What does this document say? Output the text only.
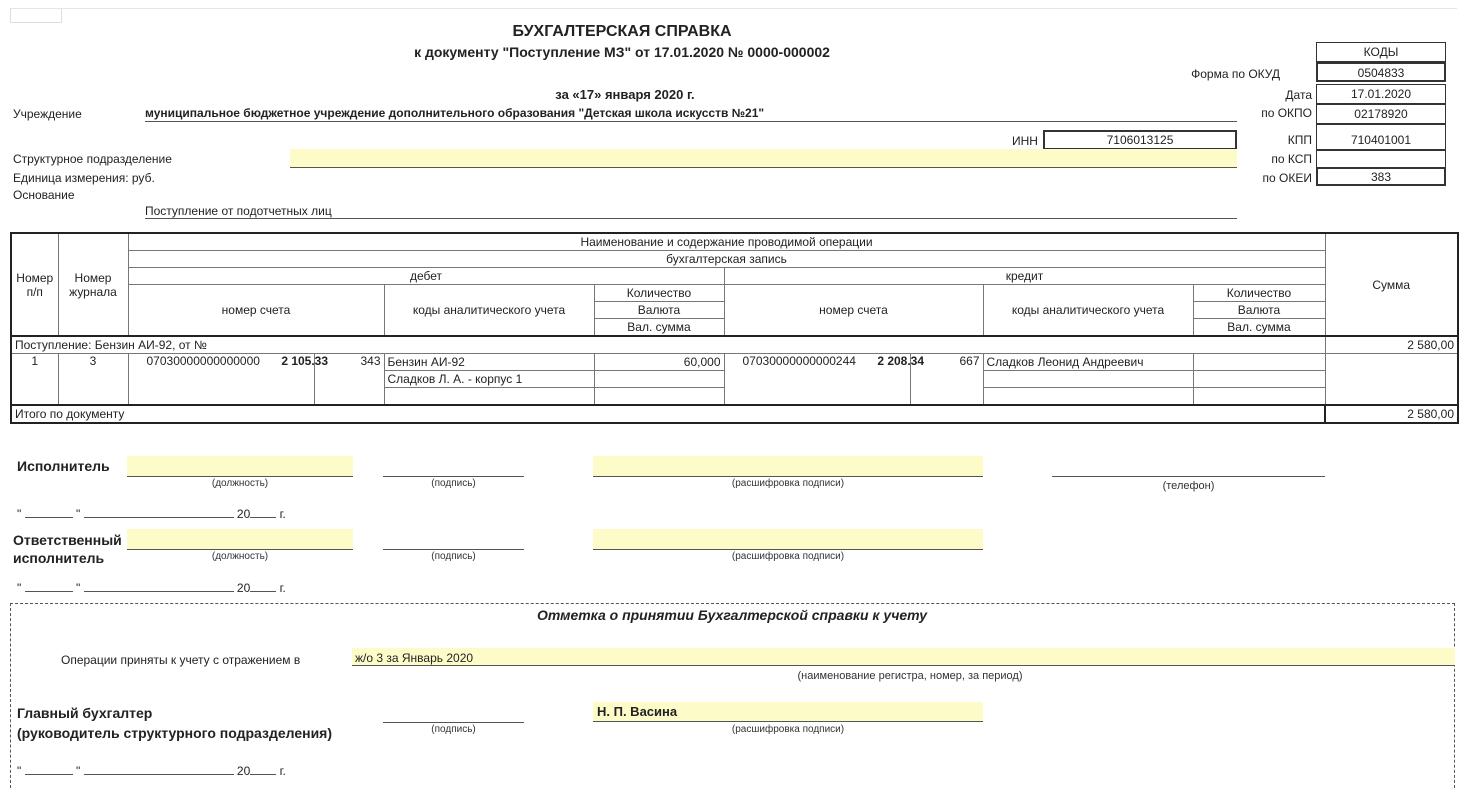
БУХГАЛТЕРСКАЯ СПРАВКА
к документу "Поступление МЗ" от 17.01.2020 № 0000-000002
за «17» января 2020 г.
КОДЫ
Форма по ОКУД	0504833
Дата	17.01.2020
по ОКПО	02178920
КПП	710401001
по КСП
по ОКЕИ	383
Учреждение	муниципальное бюджетное учреждение дополнительного образования "Детская школа искусств №21"
ИНН	7106013125
Структурное подразделение
Единица измерения: руб.
Основание
Поступление от подотчетных лиц
Номер п/п	Номер журнала	Наименование и содержание проводимой операции								Сумма
		бухгалтерская запись								
		дебет				кредит				
		номер счета		коды аналитического учета	Количество	номер счета		коды аналитического учета	Количество	
					Валюта				Валюта	
					Вал. сумма				Вал. сумма	
Поступление: Бензин АИ-92, от №										2 580,00
1	3	07030000000000000 2 105.33	343	Бензин АИ-92	60,000	07030000000000244 2 208.34	667	Сладков Леонид Андреевич		
				Сладков Л. А. - корпус 1						

Итого по документу										2 580,00
Исполнитель
(должность)	(подпись)	(расшифровка подписи)	(телефон)
"	"	20 г.
Ответственный
исполнитель	(должность)	(подпись)	(расшифровка подписи)
"	"	20 г.
Отметка о принятии Бухгалтерской справки к учету
Операции приняты к учету с отражением в	ж/о 3 за Январь 2020
(наименование регистра, номер, за период)
Главный бухгалтер
(руководитель структурного подразделения)	(подпись)
Н. П. Васина
(расшифровка подписи)
"	"	20 г.
